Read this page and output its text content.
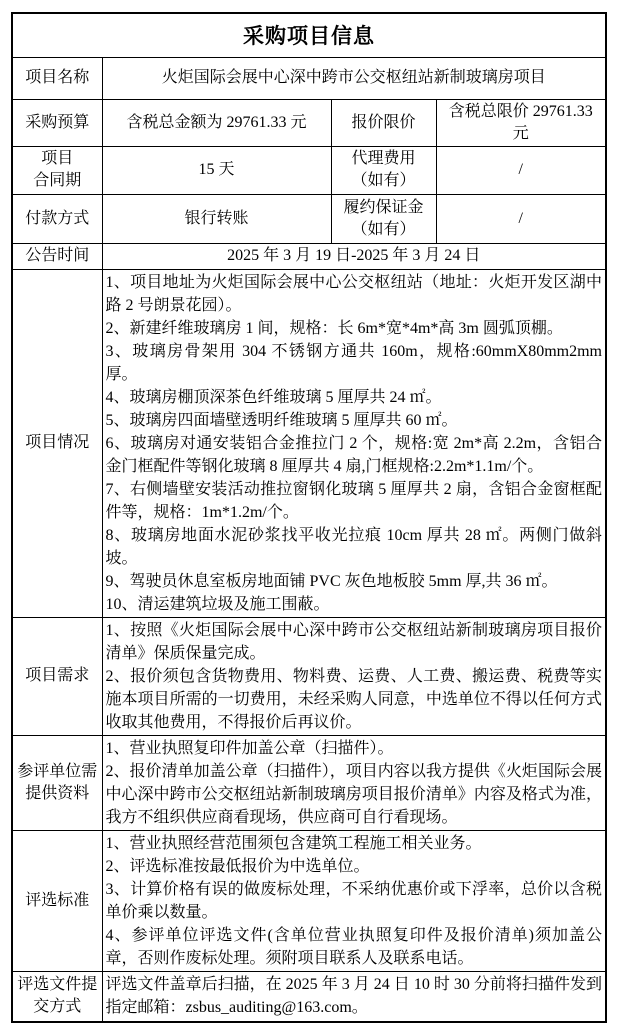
采购项目信息			
项目名称	火炬国际会展中心深中跨市公交枢纽站新制玻璃房项目		
采购预算	含税总金额为 29761.33 元	报价限价	含税总限价 29761.33 元
项目
合同期	15 天	代理费用
（如有）	/
付款方式	银行转账	履约保证金
（如有）	/
公告时间	2025 年 3 月 19 日-2025 年 3 月 24 日		
项目情况	

1、项目地址为火炬国际会展中心公交枢纽站（地址：火炬开发区湖中路 2 号朗景花园）。

2、新建纤维玻璃房 1 间，规格：长 6m*宽*4m*高 3m 圆弧顶棚。

3、玻璃房骨架用 304 不锈钢方通共 160m，规格:60mmX80mm2mm 厚。

4、玻璃房棚顶深茶色纤维玻璃 5 厘厚共 24 ㎡。

5、玻璃房四面墙壁透明纤维玻璃 5 厘厚共 60 ㎡。

6、玻璃房对通安装铝合金推拉门 2 个，规格:宽 2m*高 2.2m，含铝合金门框配件等钢化玻璃 8 厘厚共 4 扇,门框规格:2.2m*1.1m/个。

7、右侧墙壁安装活动推拉窗钢化玻璃 5 厘厚共 2 扇，含铝合金窗框配件等，规格：1m*1.2m/个。

8、玻璃房地面水泥砂浆找平收光拉痕 10cm 厚共 28 ㎡。两侧门做斜坡。

9、驾驶员休息室板房地面铺 PVC 灰色地板胶 5mm 厚,共 36 ㎡。

10、清运建筑垃圾及施工围蔽。

项目需求	1、按照《火炬国际会展中心深中跨市公交枢纽站新制玻璃房项目报价清单》保质保量完成。

2、报价须包含货物费用、物料费、运费、人工费、搬运费、税费等实施本项目所需的一切费用，未经采购人同意，中选单位不得以任何方式收取其他费用，不得报价后再议价。		

参评单位需
提供资料	

1、营业执照复印件加盖公章（扫描件）。

2、报价清单加盖公章（扫描件），项目内容以我方提供《火炬国际会展中心深中跨市公交枢纽站新制玻璃房项目报价清单》内容及格式为准，我方不组织供应商看现场，供应商可自行看现场。

评选标准	1、营业执照经营范围须包含建筑工程施工相关业务。

2、评选标准按最低报价为中选单位。

3、计算价格有误的做废标处理，不采纳优惠价或下浮率，总价以含税单价乘以数量。

4、参评单位评选文件(含单位营业执照复印件及报价清单)须加盖公章，否则作废标处理。须附项目联系人及联系电话。		

评选文件提
交方式	评选文件盖章后扫描，在 2025 年 3 月 24 日 10 时 30 分前将扫描件发到指定邮箱：zsbus_auditing@163.com。		
